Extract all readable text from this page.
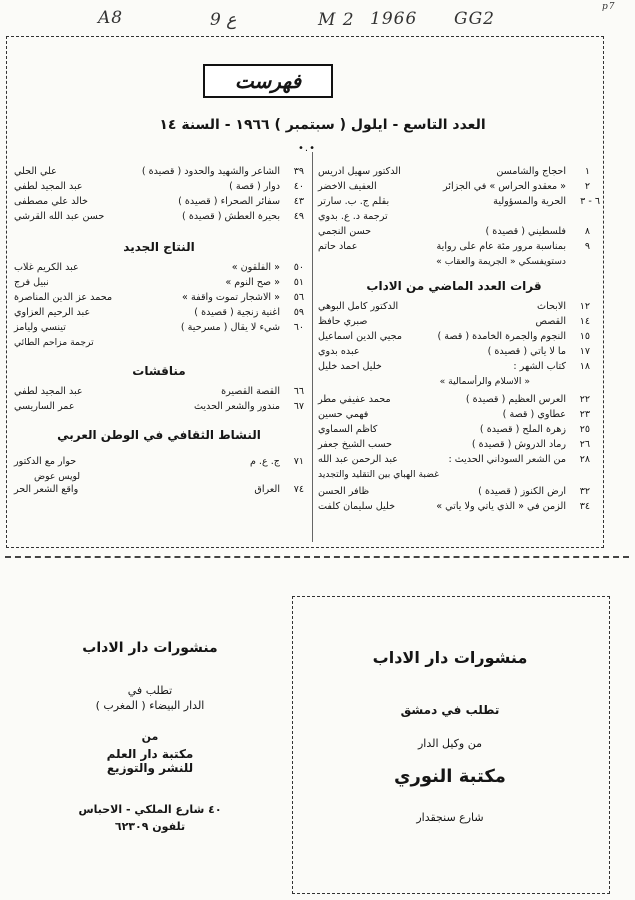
A8	9 ع	М 2 1966 GG2
p7
فهرست
العدد التاسع - ايلول ( سبتمبر ) ١٩٦٦ - السنة ١٤
•.•
١
احجاج والشامسن
الدكتور سهيل ادريس
٢
« معقدو الحراس » في الجزائر
العفيف الاخضر
٦ - ٣
الحرية والمسؤولية
بقلم ج. ب. سارتر
ترجمة د. ع. بدوي
٨
فلسطيني ( قصيدة )
حسن النجمي
٩
بمناسبة مرور مئة عام على رواية
عماد حاتم
دستويفسكي « الجريمة والعقاب »
قرات العدد الماضي من الاداب
١٢
الابحاث
الدكتور كامل البوهي
١٤
القصص
صبري حافظ
١٥
النجوم والجمرة الخامدة ( قصة )
مجيي الدين اسماعيل
١٧
ما لا ياتي ( قصيدة )
عبده بدوي
١٨
كتاب الشهر :
خليل احمد خليل
« الاسلام والرأسمالية »
٢٢
العرس العظيم ( قصيدة )
محمد عفيفي مطر
٢٣
عطاوي ( قصة )
فهمي حسين
٢٥
زهرة الملح ( قصيدة )
كاظم السماوي
٢٦
رماد الدروش ( قصيدة )
حسب الشيخ جعفر
٢٨
من الشعر السوداني الحديث :
عبد الرحمن عبد الله
غضبة الهباي بين التقليد والتجديد
٣٢
ارض الكنوز ( قصيدة )
ظافر الحسن
٣٤
الزمن في « الذي ياتي ولا ياتي »
خليل سليمان كلفت
٣٩
الشاعر والشهيد والحدود ( قصيدة )
علي الحلي
٤٠
دوار ( قصة )
عبد المجيد لطفي
٤٣
سفائر الصحراء ( قصيدة )
خالد علي مصطفى
٤٩
بحيرة العطش ( قصيدة )
حسن عبد الله القرشي
النتاج الجديد
٥٠
« الفلقون »
عبد الكريم غلاب
٥١
« صح النوم »
نبيل فرج
٥٦
« الاشجار تموت واقفة »
محمد عز الدين المناصرة
٥٩
اغنية زنجية ( قصيدة )
عبد الرحيم العزاوي
٦٠
شيء لا يقال ( مسرحية )
تينسي وليامز
ترجمة مزاحم الطائي
مناقشات
٦٦
القصة القصيرة
عبد المجيد لطفي
٦٧
مندور والشعر الحديث
عمر الساريسي
النشاط الثقافي في الوطن العربي
٧١
ج. ع. م
حوار مع الدكتور
لويس عوض
٧٤
العراق
واقع الشعر الحر
منشورات دار الاداب
تطلب في دمشق
من وكيل الدار
مكتبة النوري
شارع سنجقدار
منشورات دار الاداب
تطلب في
الدار البيضاء ( المغرب )
من
مكتبة دار العلم
للنشر والتوزيع
٤٠ شارع الملكي - الاحباس
تلفون ٦٢٣٠٩
